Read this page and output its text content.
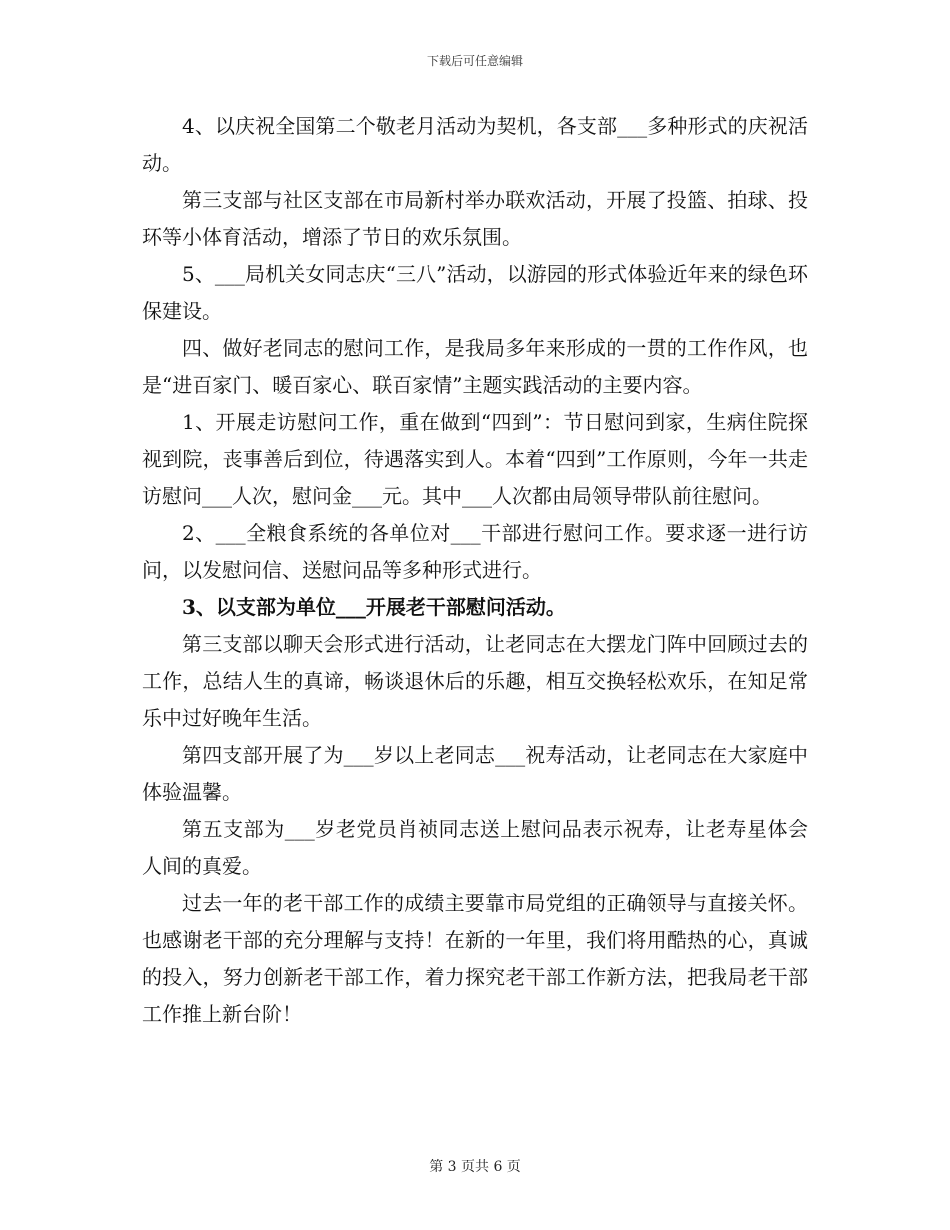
下载后可任意编辑

4、以庆祝全国第二个敬老月活动为契机，各支部___多种形式的庆祝活动。

第三支部与社区支部在市局新村举办联欢活动，开展了投篮、拍球、投环等小体育活动，增添了节日的欢乐氛围。

5、___局机关女同志庆“三八”活动，以游园的形式体验近年来的绿色环保建设。

四、做好老同志的慰问工作，是我局多年来形成的一贯的工作作风，也是“进百家门、暖百家心、联百家情”主题实践活动的主要内容。

1、开展走访慰问工作，重在做到“四到”：节日慰问到家，生病住院探视到院，丧事善后到位，待遇落实到人。本着“四到”工作原则，今年一共走访慰问___人次，慰问金___元。其中___人次都由局领导带队前往慰问。

2、___全粮食系统的各单位对___干部进行慰问工作。要求逐一进行访问，以发慰问信、送慰问品等多种形式进行。

3、以支部为单位___开展老干部慰问活动。

第三支部以聊天会形式进行活动，让老同志在大摆龙门阵中回顾过去的工作，总结人生的真谛，畅谈退休后的乐趣，相互交换轻松欢乐，在知足常乐中过好晚年生活。

第四支部开展了为___岁以上老同志___祝寿活动，让老同志在大家庭中体验温馨。

第五支部为___岁老党员肖祯同志送上慰问品表示祝寿，让老寿星体会人间的真爱。

过去一年的老干部工作的成绩主要靠市局党组的正确领导与直接关怀。也感谢老干部的充分理解与支持！在新的一年里，我们将用酷热的心，真诚的投入，努力创新老干部工作，着力探究老干部工作新方法，把我局老干部工作推上新台阶！

第 3 页共 6 页
